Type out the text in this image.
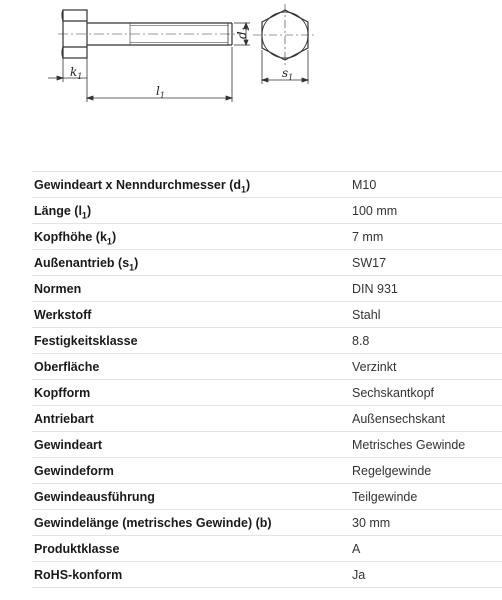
$d_1$
$k_1$
$l_1$
$s_1$
Gewindeart x Nenndurchmesser $(d_1)$	M10
Länge $(l_1)$	100 mm
Kopfhöhe $(k_1)$	7 mm
Außenantrieb $(s_1)$	SW17
Normen	DIN 931
Werkstoff	Stahl
Festigkeitsklasse	8.8
Oberfläche	Verzinkt
Kopfform	Sechskantkopf
Antriebart	Außensechskant
Gewindeart	Metrisches Gewinde
Gewindeform	Regelgewinde
Gewindeausführung	Teilgewinde
Gewindelänge (metrisches Gewinde) (b)	30 mm
Produktklasse	A
RoHS-konform	Ja
